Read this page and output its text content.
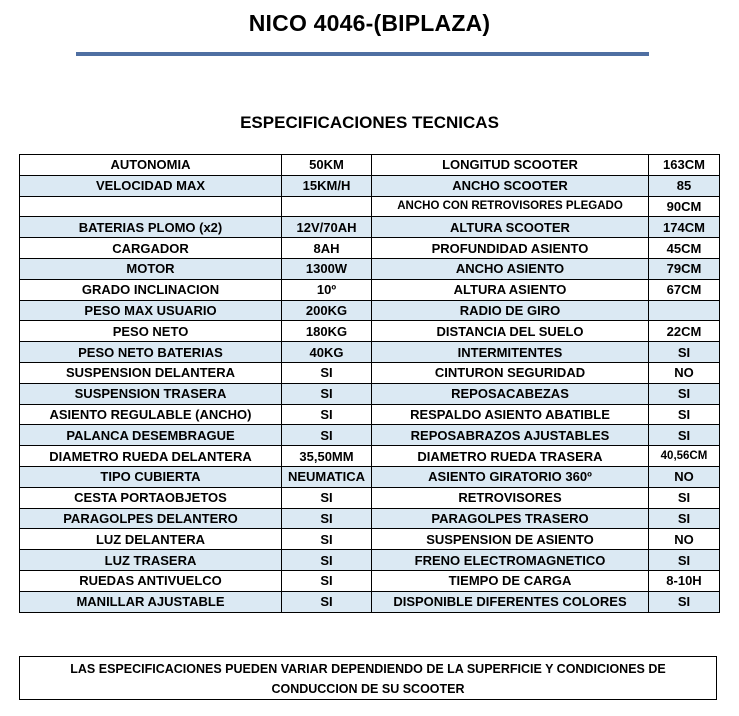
NICO 4046-(BIPLAZA)
ESPECIFICACIONES TECNICAS
AUTONOMIA	50KM	LONGITUD SCOOTER	163CM
VELOCIDAD MAX	15KM/H	ANCHO SCOOTER	85
		ANCHO CON RETROVISORES PLEGADO	90CM
BATERIAS PLOMO (x2)	12V/70AH	ALTURA SCOOTER	174CM
CARGADOR	8AH	PROFUNDIDAD ASIENTO	45CM
MOTOR	1300W	ANCHO ASIENTO	79CM
GRADO INCLINACION	10º	ALTURA ASIENTO	67CM
PESO MAX USUARIO	200KG	RADIO DE GIRO	
PESO NETO	180KG	DISTANCIA DEL SUELO	22CM
PESO NETO BATERIAS	40KG	INTERMITENTES	SI
SUSPENSION DELANTERA	SI	CINTURON SEGURIDAD	NO
SUSPENSION TRASERA	SI	REPOSACABEZAS	SI
ASIENTO REGULABLE (ANCHO)	SI	RESPALDO ASIENTO ABATIBLE	SI
PALANCA DESEMBRAGUE	SI	REPOSABRAZOS AJUSTABLES	SI
DIAMETRO RUEDA DELANTERA	35,50MM	DIAMETRO RUEDA TRASERA	40,56CM
TIPO CUBIERTA	NEUMATICA	ASIENTO GIRATORIO 360º	NO
CESTA PORTAOBJETOS	SI	RETROVISORES	SI
PARAGOLPES DELANTERO	SI	PARAGOLPES TRASERO	SI
LUZ DELANTERA	SI	SUSPENSION DE ASIENTO	NO
LUZ TRASERA	SI	FRENO ELECTROMAGNETICO	SI
RUEDAS ANTIVUELCO	SI	TIEMPO DE CARGA	8-10H
MANILLAR AJUSTABLE	SI	DISPONIBLE DIFERENTES COLORES	SI
LAS ESPECIFICACIONES PUEDEN VARIAR DEPENDIENDO DE LA SUPERFICIE Y CONDICIONES DE
CONDUCCION DE SU SCOOTER
